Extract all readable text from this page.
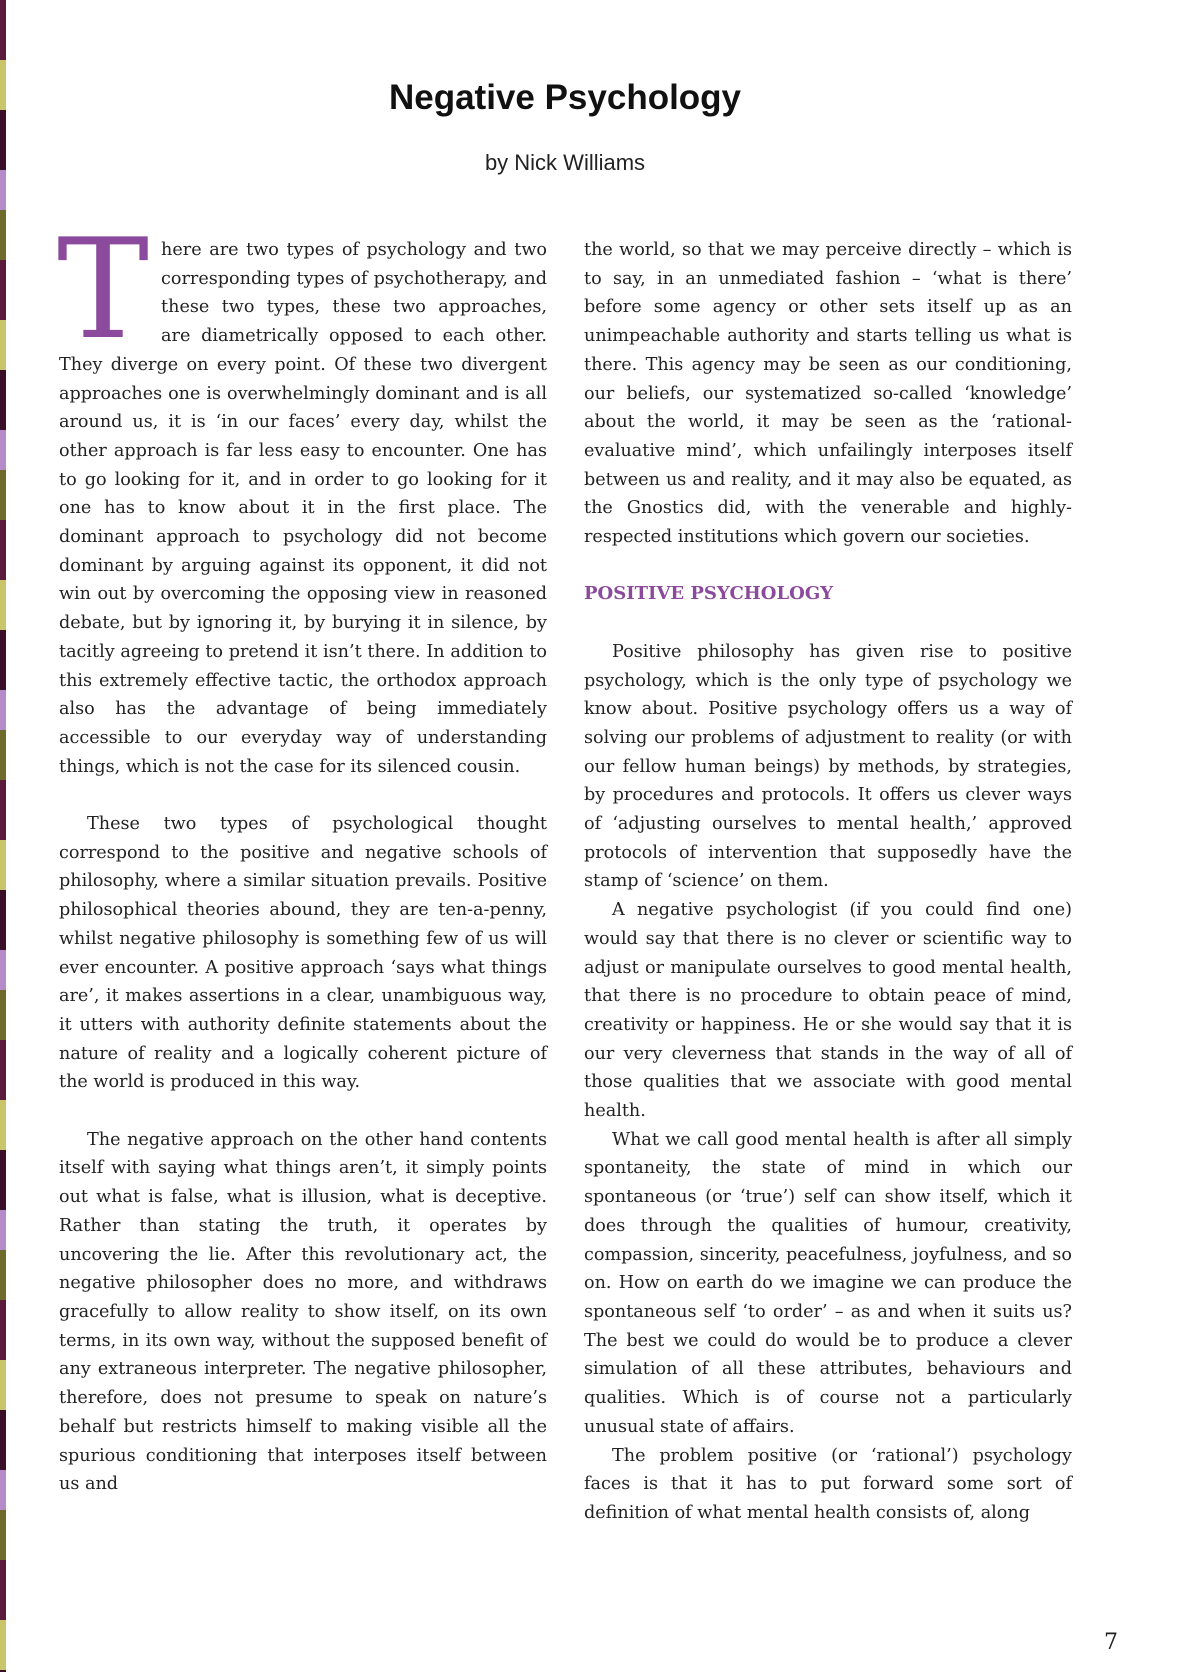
Negative Psychology
by Nick Williams

There are two types of psychology and two corresponding types of psychotherapy, and these two types, these two approaches, are diametrically opposed to each other. They diverge on every point. Of these two divergent approaches one is overwhelmingly dominant and is all around us, it is ‘in our faces’ every day, whilst the other approach is far less easy to encounter. One has to go looking for it, and in order to go looking for it one has to know about it in the first place. The dominant approach to psychology did not become dominant by arguing against its opponent, it did not win out by overcoming the opposing view in reasoned debate, but by ignoring it, by burying it in silence, by tacitly agreeing to pretend it isn’t there. In addition to this extremely effective tactic, the orthodox approach also has the advantage of being immediately accessible to our everyday way of understanding things, which is not the case for its silenced cousin.

These two types of psychological thought correspond to the positive and negative schools of philosophy, where a similar situation prevails. Positive philosophical theories abound, they are ten-a-penny, whilst negative philosophy is something few of us will ever encounter. A positive approach ‘says what things are’, it makes assertions in a clear, unambiguous way, it utters with authority definite statements about the nature of reality and a logically coherent picture of the world is produced in this way.

The negative approach on the other hand contents itself with saying what things aren’t, it simply points out what is false, what is illusion, what is deceptive. Rather than stating the truth, it operates by uncovering the lie. After this revolutionary act, the negative philosopher does no more, and withdraws gracefully to allow reality to show itself, on its own terms, in its own way, without the supposed benefit of any extraneous interpreter. The negative philosopher, therefore, does not presume to speak on nature’s behalf but restricts himself to making visible all the spurious conditioning that interposes itself between us and

the world, so that we may perceive directly – which is to say, in an unmediated fashion – ‘what is there’ before some agency or other sets itself up as an unimpeachable authority and starts telling us what is there. This agency may be seen as our conditioning, our beliefs, our systematized so-called ‘knowledge’ about the world, it may be seen as the ‘rational-evaluative mind’, which unfailingly interposes itself between us and reality, and it may also be equated, as the Gnostics did, with the venerable and highly-respected institutions which govern our societies.

POSITIVE PSYCHOLOGY

Positive philosophy has given rise to positive psychology, which is the only type of psychology we know about. Positive psychology offers us a way of solving our problems of adjustment to reality (or with our fellow human beings) by methods, by strategies, by procedures and protocols. It offers us clever ways of ‘adjusting ourselves to mental health,’ approved protocols of intervention that supposedly have the stamp of ‘science’ on them.

A negative psychologist (if you could find one) would say that there is no clever or scientific way to adjust or manipulate ourselves to good mental health, that there is no procedure to obtain peace of mind, creativity or happiness. He or she would say that it is our very cleverness that stands in the way of all of those qualities that we associate with good mental health.

What we call good mental health is after all simply spontaneity, the state of mind in which our spontaneous (or ‘true’) self can show itself, which it does through the qualities of humour, creativity, compassion, sincerity, peacefulness, joyfulness, and so on. How on earth do we imagine we can produce the spontaneous self ‘to order’ – as and when it suits us? The best we could do would be to produce a clever simulation of all these attributes, behaviours and qualities. Which is of course not a particularly unusual state of affairs.

The problem positive (or ‘rational’) psychology faces is that it has to put forward some sort of definition of what mental health consists of, along

7
